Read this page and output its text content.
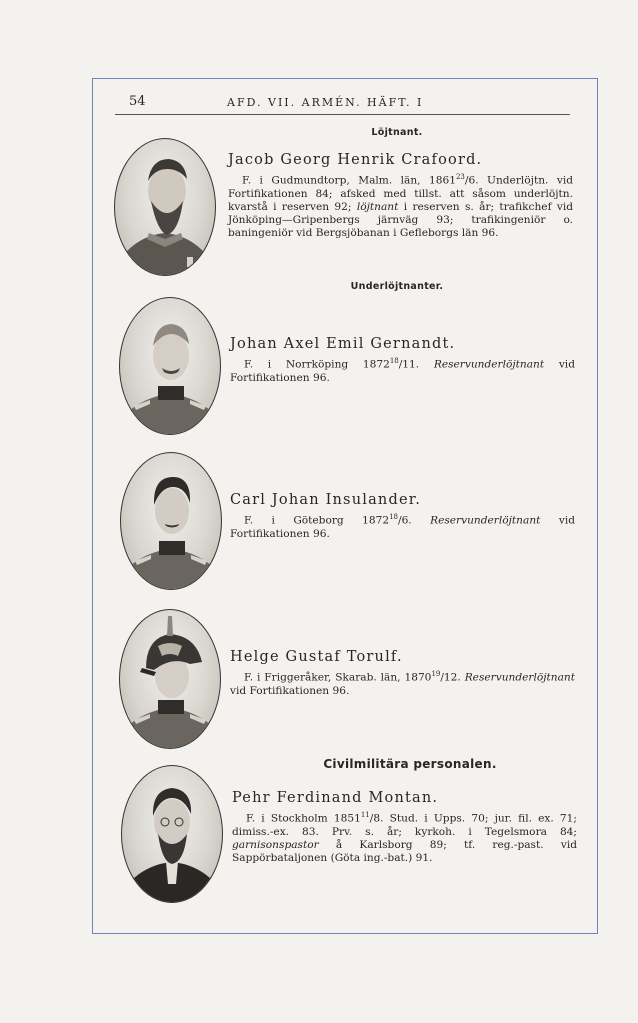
54	AFD. VII. ARMÉN. HÄFT. I
Löjtnant.
Jacob Georg Henrik Crafoord.
F. i Gudmundtorp, Malm. län, 1861$^{23}$/6. Underlöjtn. vid Fortifikationen 84; afsked med tillst. att såsom underlöjtn. kvarstå i reserven 92; löjtnant i reserven s. år; trafikchef vid Jönköping—Gripenbergs järnväg 93; trafikingeniör o. baningeniör vid Bergsjöbanan i Gefleborgs län 96.
Underlöjtnanter.
Johan Axel Emil Gernandt.
F. i Norrköping 1872$^{18}$/11. Reservunderlöjtnant vid Fortifikationen 96.
Carl Johan Insulander.
F. i Göteborg 1872$^{18}$/6. Reservunderlöjtnant vid Fortifikationen 96.
Helge Gustaf Torulf.
F. i Friggeråker, Skarab. län, 1870$^{19}$/12. Reservunderlöjtnant vid Fortifikationen 96.
Civilmilitära personalen.
Pehr Ferdinand Montan.
F. i Stockholm 1851$^{11}$/8. Stud. i Upps. 70; jur. fil. ex. 71; dimiss.-ex. 83. Prv. s. år; kyrkoh. i Tegelsmora 84; garnisonspastor å Karlsborg 89; tf. reg.-past. vid Sappörbataljonen (Göta ing.-bat.) 91.
